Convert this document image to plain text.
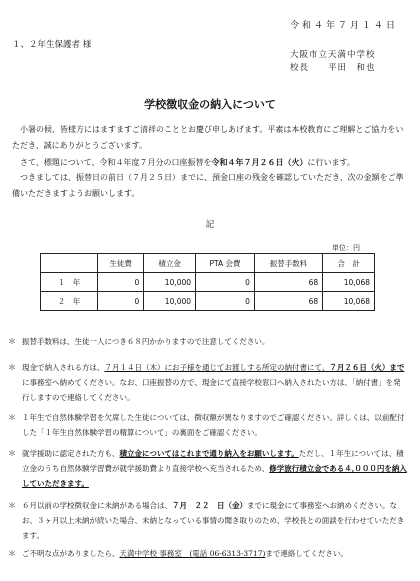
令和４年７月１４日
１、２年生保護者 様
大阪市立天満中学校
校長　　平田　和也
学校徴収金の納入について
　小暑の候、皆様方にはますますご清祥のこととお慶び申しあげます。平素は本校教育にご理解とご協力をいただき、誠にありがとうございます。
　さて、標題について、令和４年度７月分の口座振替を令和４年７月２６日（火）に行います。
　つきましては、振替日の前日（７月２５日）までに、預金口座の残金を確認していただき、次の金額をご準備いただきますようお願いします。
記
単位：円
	生徒費	積立金	PTA 会費	振替手数料	合　計
１　年	0	10,000	0	68	10,068
２　年	0	10,000	0	68	10,068
＊ 振替手数料は、生徒一人につき６８円かかりますので注意してください。
＊ 現金で納入される方は、７月１４日（木）にお子様を通じてお渡しする所定の納付書にて、７月２６日（火）までに事務室へ納めてください。なお、口座振替の方で、現金にて直接学校窓口へ納入されたい方は、「納付書」を発行しますので連絡してください。
＊ １年生で自然体験学習を欠席した生徒については、徴収額が異なりますのでご確認ください。詳しくは、以前配付した「１年生自然体験学習の精算について」の裏面をご確認ください。
＊ 就学援助に認定された方も、積立金についてはこれまで通り納入をお願いします。ただし、１年生については、積立金のうち自然体験学習費が就学援助費より直接学校へ充当されるため、修学旅行積立金である４,０００円を納入していただきます。
＊ ６月以前の学校徴収金に未納がある場合は、７月　２２　日（金）までに現金にて事務室へお納めください。なお、３ヶ月以上未納が続いた場合、未納となっている事情の聞き取りのため、学校長との面談を行わせていただきます。
＊ ご不明な点がありましたら、天満中学校 事務室　(電話 06-6313-3717)まで連絡してください。
